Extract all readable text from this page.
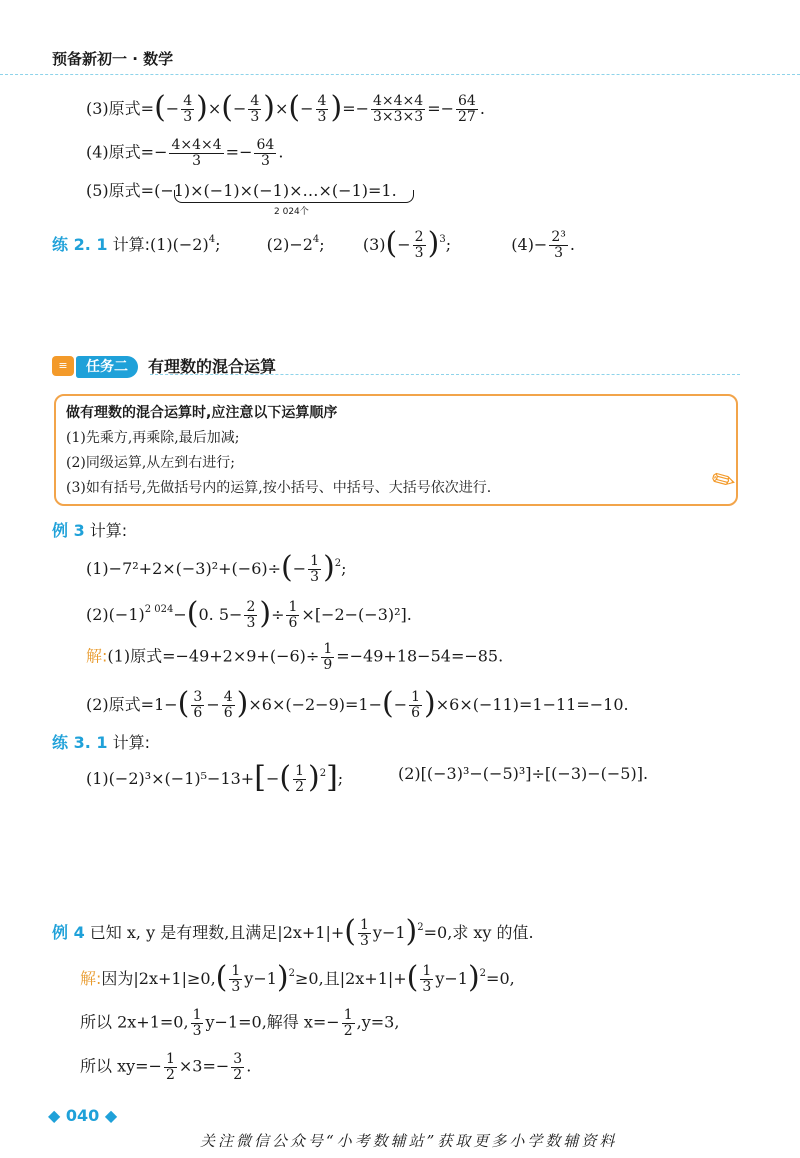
预备新初一 · 数学
(3)原式=(− $\frac{4}{3}$ )×(− $\frac{4}{3}$ )×(− $\frac{4}{3}$ )=− $\frac{4\times 4\times 4}{3\times 3\times 3} =- \frac{64}{27}$ .
(4)原式=− $\frac{4\times 4\times 4}{3} =- \frac{64}{3}$ .
(5)原式=(−1)×(−1)×(−1)×…×(−1)=1.
2 024个
练 2. 1 计算$:(1)(-2)^4$;	$(2)-2^4$;  $(3)(- \frac{2}{3} )^3$;	$(4)- \frac{\text{2³}}{3}$ .
≡	任务二	有理数的混合运算
做有理数的混合运算时,应注意以下运算顺序
(1)先乘方,再乘除,最后加减;
(2)同级运算,从左到右进行;
(3)如有括号,先做括号内的运算,按小括号、中括号、大括号依次进行.	✎
例 3 计算:
$(1)-7^2+2\times(-3)^2+(-6)\div(- \frac{1}{3} )^2$;
$(2)(-1)^{2 024}-(0$. $5- \frac{2}{3}$ )÷ $\frac{1}{6} \times[-2-(-3)^2]$.
解:(1)原式$=-49+2\times 9+(-6)\div \frac{1}{9} =-49+18-54=-85$.
(2)原式$=1-( \frac{3}{6} - \frac{4}{6} )\times 6\times(-2-9)=1-(- \frac{1}{6} )\times 6\times(-11)=1-11=-10$.
练 3. 1 计算:
$(1)(-2)^3\times(-1)^5-13+[-( \frac{1}{2} )^2]$;	(2)[(−3)³−(−5)³]÷[(−3)−(−5)].
例 4 已知 x, y 是有理数,且满足$|2x+1|+( \frac{1}{3} y-1)^2=0$,求 xy 的值.
解:因为$|2x+1|\ge 0,( \frac{1}{3} y-1)^2\ge 0$,且$|2x+1|+( \frac{1}{3} y-1)^2=0$,
所以 2x+1=0, $\frac{1}{3} y-1=0$,解得 $x=- \frac{1}{2} ,y=3$,
所以 $xy=- \frac{1}{2} \times 3=- \frac{3}{2}$ .
◆ 040 ◆
关注微信公众号“小考数辅站”获取更多小学数辅资料
